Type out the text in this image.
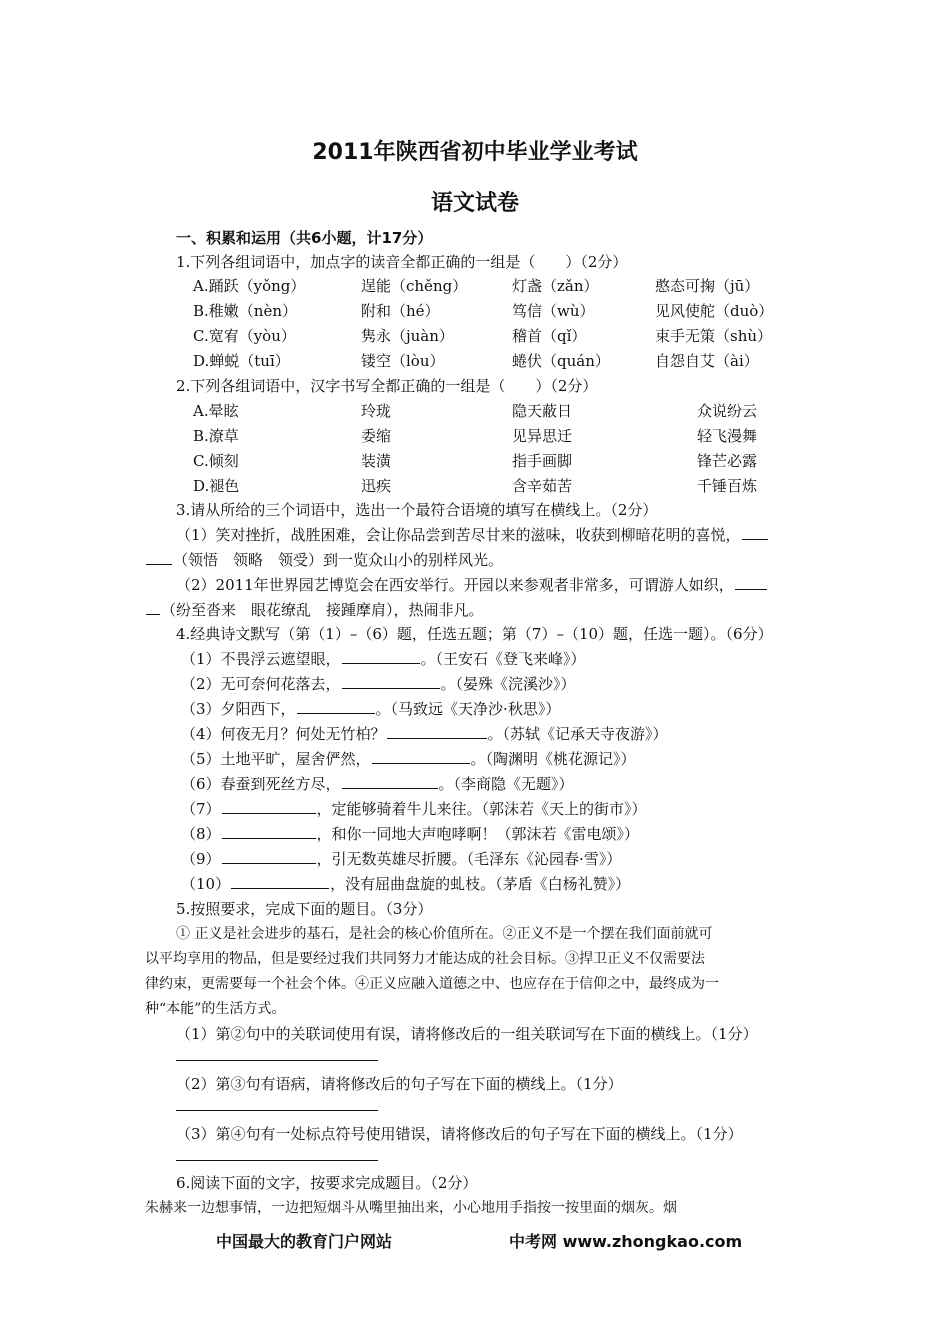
2011年陕西省初中毕业学业考试
语文试卷
一、积累和运用（共6小题，计17分）
1.下列各组词语中，加点字的读音全都正确的一组是（　　）（2分）
A.踊跃（yǒng）	逞能（chěng）	灯盏（zǎn）	憨态可掬（jū）
B.稚嫩（nèn）	附和（hé）	笃信（wù）	见风使舵（duò）
C.宽宥（yòu）	隽永（juàn）	稽首（qǐ）	束手无策（shù）
D.蝉蜕（tuī）	镂空（lòu）	蜷伏（quán）	自怨自艾（ài）
2.下列各组词语中，汉字书写全都正确的一组是（　　）（2分）
A.晕眩	玲珑	隐天蔽日	众说纷云
B.潦草	委缩	见异思迁	轻飞漫舞
C.倾刻	装潢	指手画脚	锋芒必露
D.褪色	迅疾	含辛茹苦	千锤百炼
3.请从所给的三个词语中，选出一个最符合语境的填写在横线上。（2分）
（1）笑对挫折，战胜困难，会让你品尝到苦尽甘来的滋味，收获到柳暗花明的喜悦，
（领悟　领略　领受）到一览众山小的别样风光。
（2）2011年世界园艺博览会在西安举行。开园以来参观者非常多，可谓游人如织，
（纷至沓来　眼花缭乱　接踵摩肩），热闹非凡。
4.经典诗文默写（第（1）–（6）题，任选五题；第（7）–（10）题，任选一题）。（6分）
（1）不畏浮云遮望眼，	。（王安石《登飞来峰》）
（2）无可奈何花落去，	。（晏殊《浣溪沙》）
（3）夕阳西下，	。（马致远《天净沙·秋思》）
（4）何夜无月？何处无竹柏？	。（苏轼《记承天寺夜游》）
（5）土地平旷，屋舍俨然，	。（陶渊明《桃花源记》）
（6）春蚕到死丝方尽，	。（李商隐《无题》）
（7）	，定能够骑着牛儿来往。（郭沫若《天上的街市》）
（8）	，和你一同地大声咆哮啊！（郭沫若《雷电颂》）
（9）	，引无数英雄尽折腰。（毛泽东《沁园春·雪》）
（10）	，没有屈曲盘旋的虬枝。（茅盾《白杨礼赞》）
5.按照要求，完成下面的题目。（3分）
① 正义是社会进步的基石，是社会的核心价值所在。②正义不是一个摆在我们面前就可
以平均享用的物品，但是要经过我们共同努力才能达成的社会目标。③捍卫正义不仅需要法
律约束，更需要每一个社会个体。④正义应融入道德之中、也应存在于信仰之中，最终成为一
种“本能”的生活方式。
（1）第②句中的关联词使用有误，请将修改后的一组关联词写在下面的横线上。（1分）
（2）第③句有语病，请将修改后的句子写在下面的横线上。（1分）
（3）第④句有一处标点符号使用错误，请将修改后的句子写在下面的横线上。（1分）
6.阅读下面的文字，按要求完成题目。（2分）
朱赫来一边想事情，一边把短烟斗从嘴里抽出来，小心地用手指按一按里面的烟灰。烟
中国最大的教育门户网站	中考网 www.zhongkao.com
